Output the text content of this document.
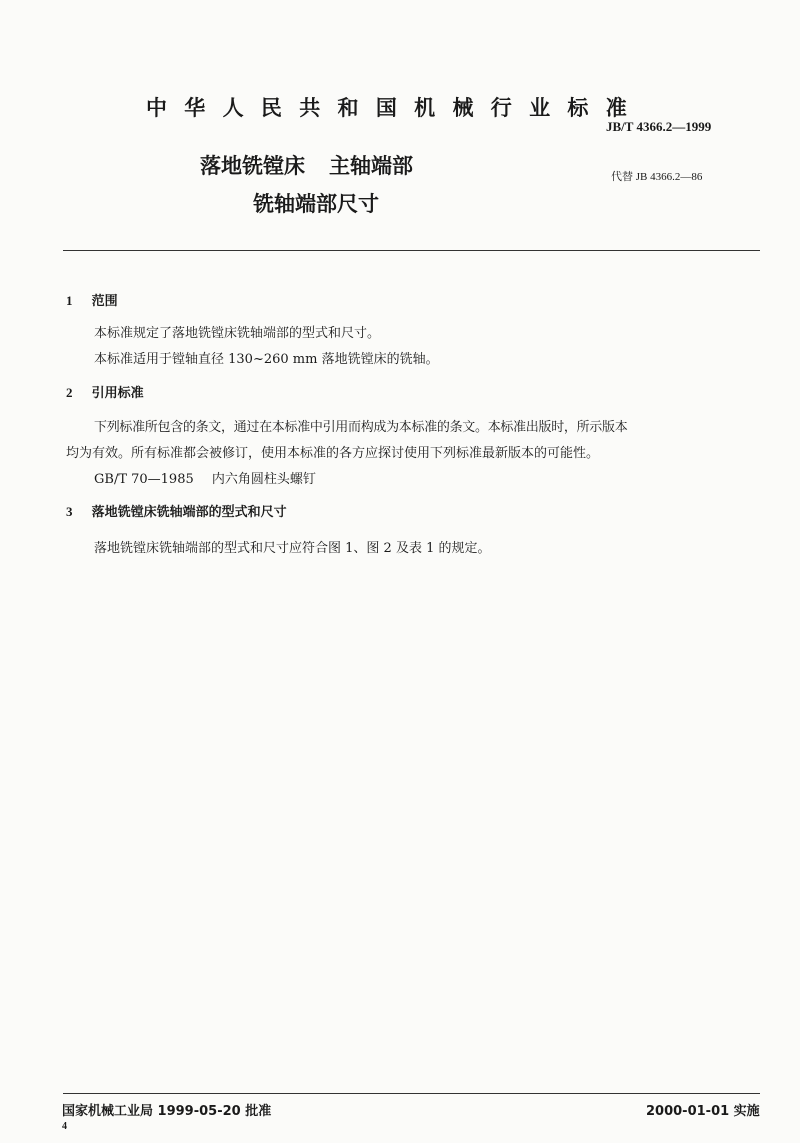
中 华 人 民 共 和 国 机 械 行 业 标 准
JB/T 4366.2—1999
落地铣镗床 主轴端部
铣轴端部尺寸
代替 JB 4366.2—86
1 范围
本标准规定了落地铣镗床铣轴端部的型式和尺寸。
本标准适用于镗轴直径 130~260 mm 落地铣镗床的铣轴。
2 引用标准
下列标准所包含的条文，通过在本标准中引用而构成为本标准的条文。本标准出版时，所示版本
均为有效。所有标准都会被修订，使用本标准的各方应探讨使用下列标准最新版本的可能性。
GB/T 70—1985 内六角圆柱头螺钉
3 落地铣镗床铣轴端部的型式和尺寸
落地铣镗床铣轴端部的型式和尺寸应符合图 1、图 2 及表 1 的规定。
国家机械工业局 1999-05-20 批准	2000-01-01 实施
4
